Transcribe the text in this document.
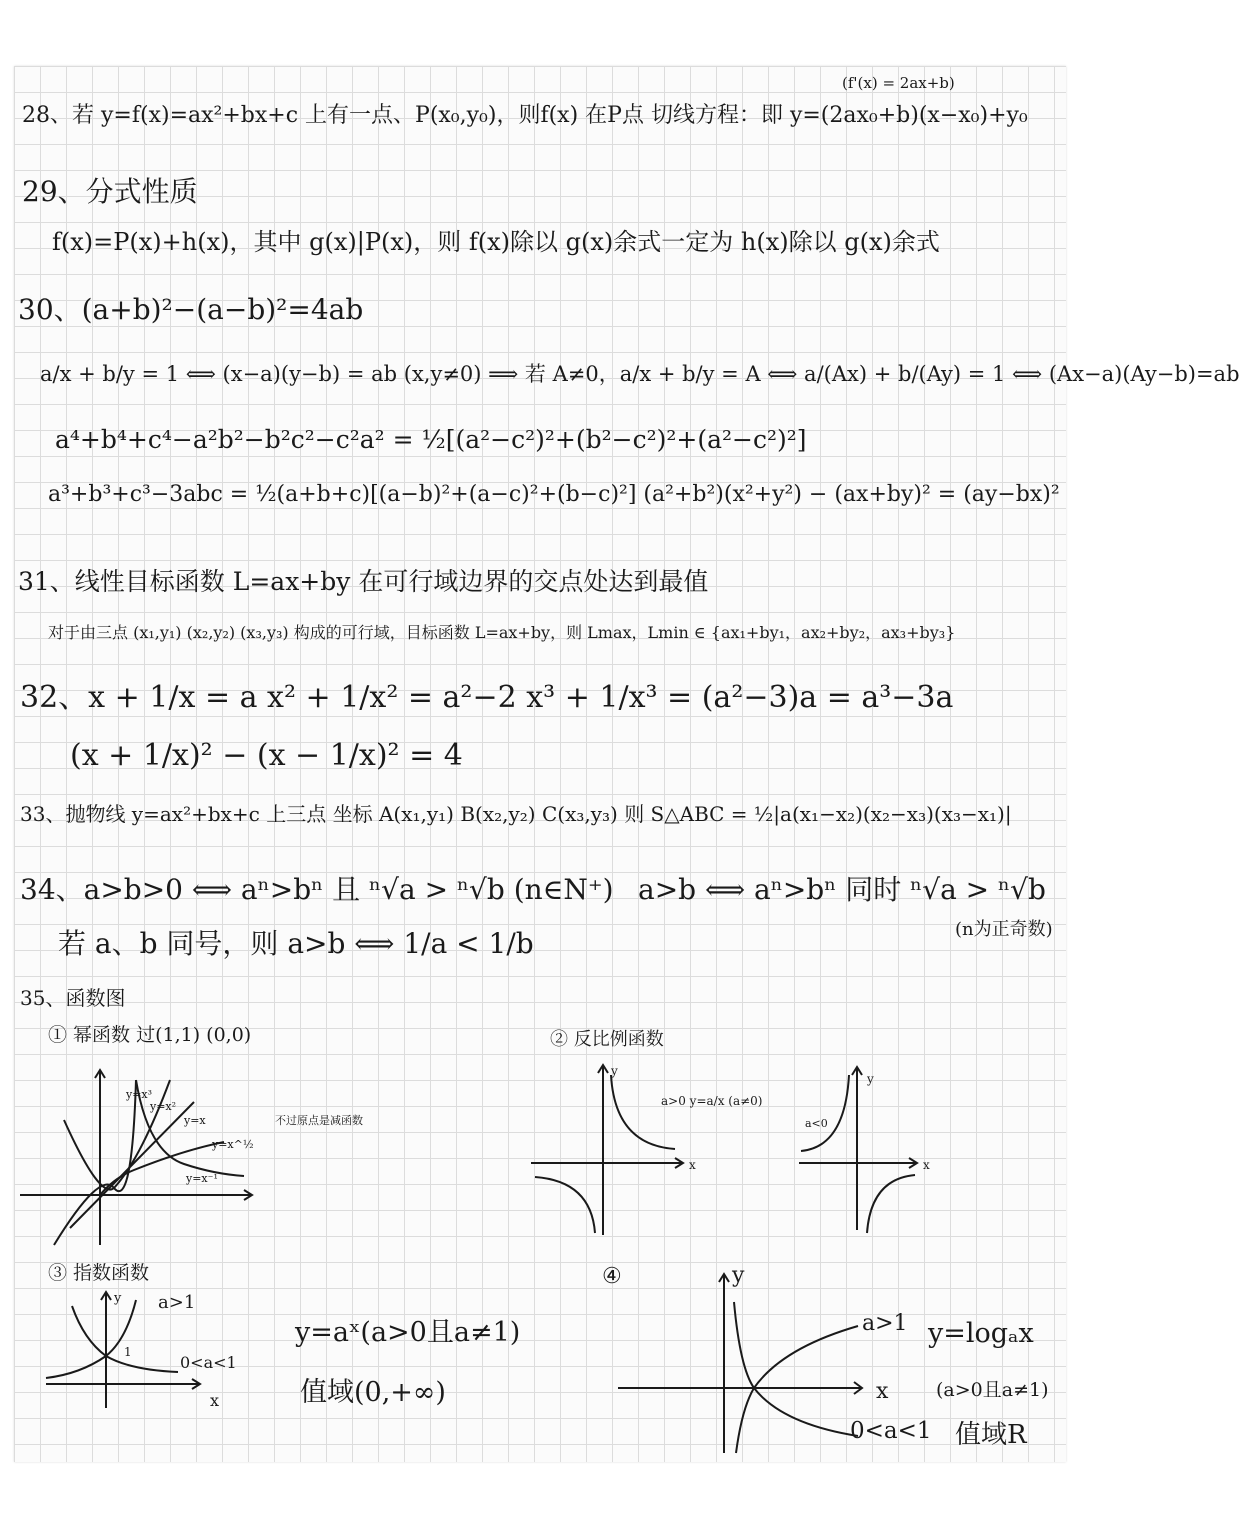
(f'(x) = 2ax+b)
28、若 y=f(x)=ax²+bx+c 上有一点、P(x₀,y₀)，则f(x) 在P点 切线方程：即 y=(2ax₀+b)(x−x₀)+y₀
29、分式性质
f(x)=P(x)+h(x)，其中 g(x)|P(x)，则 f(x)除以 g(x)余式一定为 h(x)除以 g(x)余式
30、(a+b)²−(a−b)²=4ab
a/x + b/y = 1 ⟺ (x−a)(y−b) = ab (x,y≠0) ⟹ 若 A≠0，a/x + b/y = A ⟺ a/(Ax) + b/(Ay) = 1 ⟺ (Ax−a)(Ay−b)=ab
a⁴+b⁴+c⁴−a²b²−b²c²−c²a² = ½[(a²−c²)²+(b²−c²)²+(a²−c²)²]
a³+b³+c³−3abc = ½(a+b+c)[(a−b)²+(a−c)²+(b−c)²] (a²+b²)(x²+y²) − (ax+by)² = (ay−bx)²
31、线性目标函数 L=ax+by 在可行域边界的交点处达到最值
对于由三点 (x₁,y₁) (x₂,y₂) (x₃,y₃) 构成的可行域，目标函数 L=ax+by，则 Lmax，Lmin ∈ {ax₁+by₁，ax₂+by₂，ax₃+by₃}
32、x + 1/x = a x² + 1/x² = a²−2 x³ + 1/x³ = (a²−3)a = a³−3a
(x + 1/x)² − (x − 1/x)² = 4
33、抛物线 y=ax²+bx+c 上三点 坐标 A(x₁,y₁) B(x₂,y₂) C(x₃,y₃) 则 S△ABC = ½|a(x₁−x₂)(x₂−x₃)(x₃−x₁)|
34、a>b>0 ⟺ aⁿ>bⁿ 且 ⁿ√a > ⁿ√b (n∈N⁺) a>b ⟺ aⁿ>bⁿ 同时 ⁿ√a > ⁿ√b
(n为正奇数)
若 a、b 同号，则 a>b ⟺ 1/a < 1/b
35、函数图
① 幂函数 过(1,1) (0,0)
y=x³
y=x²
y=x
y=x^½
y=x⁻¹
不过原点是减函数
② 反比例函数
x
y
a>0 y=a/x (a≠0)
x
y
a<0
③ 指数函数
y a>1
1
0<a<1
x
y=aˣ(a>0且a≠1)
值域(0,+∞)
④	y
a>1
x
y=logₐx
(a>0且a≠1)
0<a<1 值域R
